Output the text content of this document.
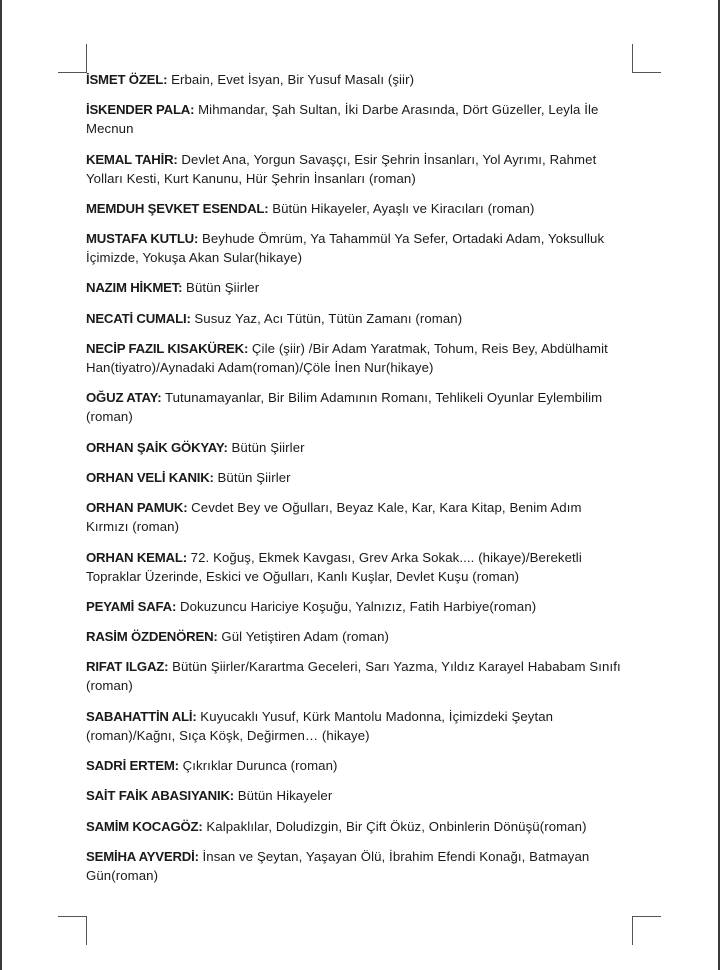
İSMET ÖZEL: Erbain, Evet İsyan, Bir Yusuf Masalı (şiir)

İSKENDER PALA: Mihmandar, Şah Sultan, İki Darbe Arasında, Dört Güzeller, Leyla İle Mecnun

KEMAL TAHİR: Devlet Ana, Yorgun Savaşçı, Esir Şehrin İnsanları, Yol Ayrımı, Rahmet Yolları Kesti, Kurt Kanunu, Hür Şehrin İnsanları (roman)

MEMDUH ŞEVKET ESENDAL: Bütün Hikayeler, Ayaşlı ve Kiracıları (roman)

MUSTAFA KUTLU: Beyhude Ömrüm, Ya Tahammül Ya Sefer, Ortadaki Adam, Yoksulluk İçimizde, Yokuşa Akan Sular(hikaye)

NAZIM HİKMET: Bütün Şiirler

NECATİ CUMALI: Susuz Yaz, Acı Tütün, Tütün Zamanı (roman)

NECİP FAZIL KISAKÜREK: Çile (şiir) /Bir Adam Yaratmak, Tohum, Reis Bey, Abdülhamit Han(tiyatro)/Aynadaki Adam(roman)/Çöle İnen Nur(hikaye)

OĞUZ ATAY: Tutunamayanlar, Bir Bilim Adamının Romanı, Tehlikeli Oyunlar Eylembilim (roman)

ORHAN ŞAİK GÖKYAY: Bütün Şiirler

ORHAN VELİ KANIK: Bütün Şiirler

ORHAN PAMUK: Cevdet Bey ve Oğulları, Beyaz Kale, Kar, Kara Kitap, Benim Adım Kırmızı (roman)

ORHAN KEMAL: 72. Koğuş, Ekmek Kavgası, Grev Arka Sokak.... (hikaye)/Bereketli Topraklar Üzerinde, Eskici ve Oğulları, Kanlı Kuşlar, Devlet Kuşu (roman)

PEYAMİ SAFA: Dokuzuncu Hariciye Koşuğu, Yalnızız, Fatih Harbiye(roman)

RASİM ÖZDENÖREN: Gül Yetiştiren Adam (roman)

RIFAT ILGAZ: Bütün Şiirler/Karartma Geceleri, Sarı Yazma, Yıldız Karayel Hababam Sınıfı (roman)

SABAHATTİN ALİ: Kuyucaklı Yusuf, Kürk Mantolu Madonna, İçimizdeki Şeytan (roman)/Kağnı, Sıça Köşk, Değirmen… (hikaye)

SADRİ ERTEM: Çıkrıklar Durunca (roman)

SAİT FAİK ABASIYANIK: Bütün Hikayeler

SAMİM KOCAGÖZ: Kalpaklılar, Doludizgin, Bir Çift Öküz, Onbinlerin Dönüşü(roman)

SEMİHA AYVERDİ: İnsan ve Şeytan, Yaşayan Ölü, İbrahim Efendi Konağı, Batmayan Gün(roman)
